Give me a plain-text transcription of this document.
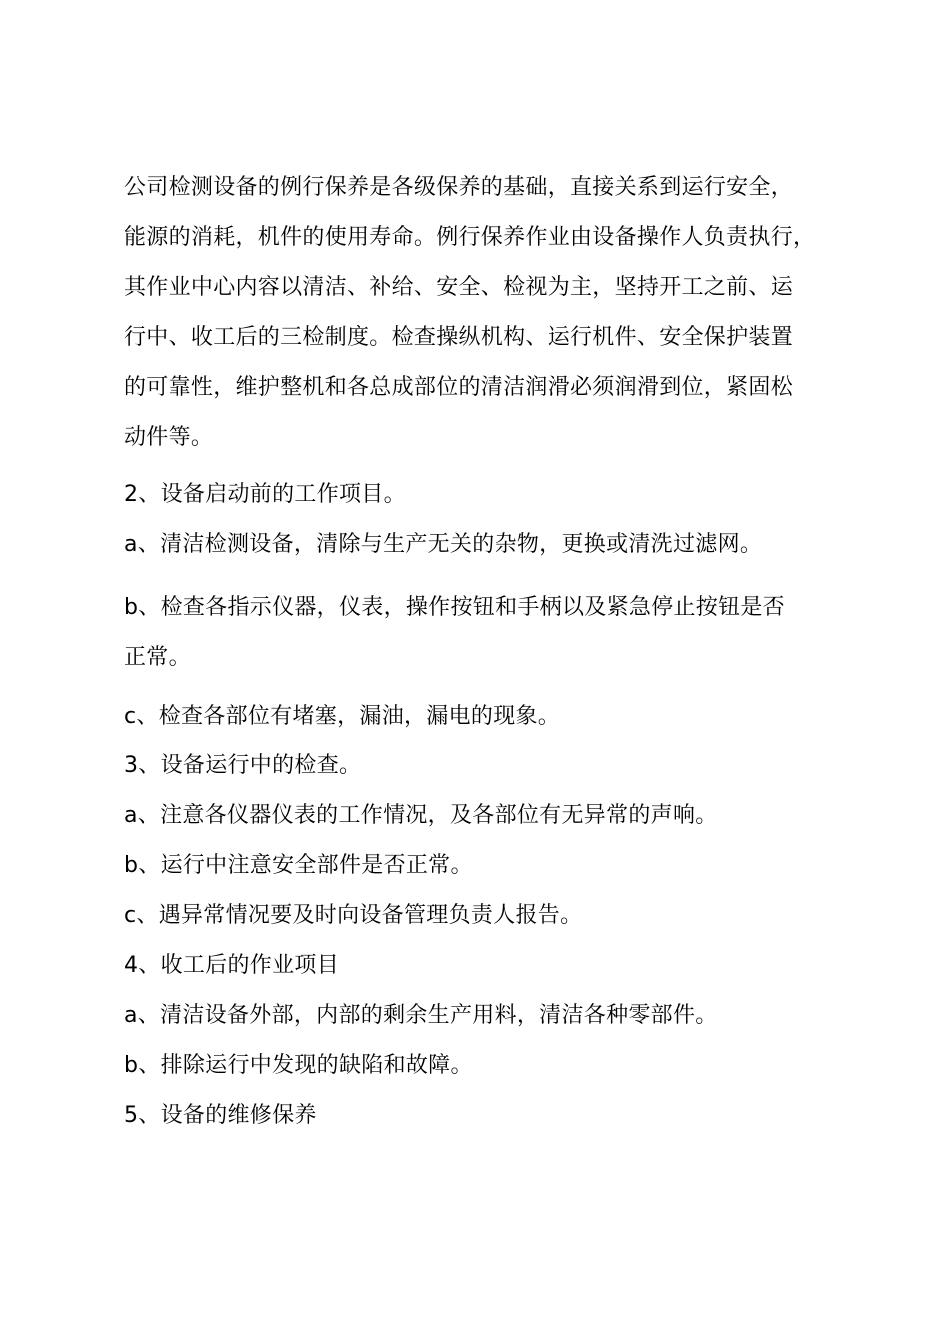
公司检测设备的例行保养是各级保养的基础，直接关系到运行安全，
能源的消耗，机件的使用寿命。例行保养作业由设备操作人负责执行，
其作业中心内容以清洁、补给、安全、检视为主，坚持开工之前、运
行中、收工后的三检制度。检查操纵机构、运行机件、安全保护装置
的可靠性，维护整机和各总成部位的清洁润滑必须润滑到位，紧固松
动件等。
2、设备启动前的工作项目。
a、清洁检测设备，清除与生产无关的杂物，更换或清洗过滤网。
b、检查各指示仪器，仪表，操作按钮和手柄以及紧急停止按钮是否
正常。
c、检查各部位有堵塞，漏油，漏电的现象。
3、设备运行中的检查。
a、注意各仪器仪表的工作情况，及各部位有无异常的声响。
b、运行中注意安全部件是否正常。
c、遇异常情况要及时向设备管理负责人报告。
4、收工后的作业项目
a、清洁设备外部，内部的剩余生产用料，清洁各种零部件。
b、排除运行中发现的缺陷和故障。
5、设备的维修保养
